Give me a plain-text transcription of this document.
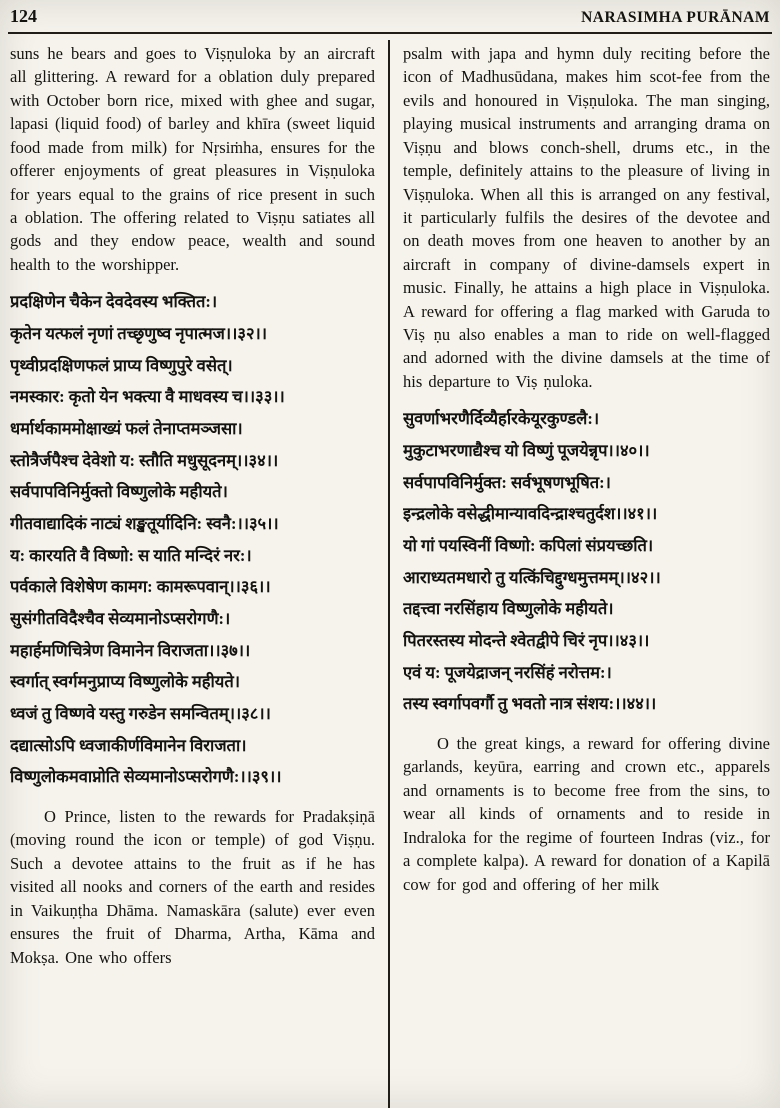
124	NARASIMHA PURĀNAM

suns he bears and goes to Viṣṇuloka by an aircraft all glittering. A reward for a oblation duly prepared with October born rice, mixed with ghee and sugar, lapasi (liquid food) of barley and khīra (sweet liquid food made from milk) for Nṛsiṁha, ensures for the offerer enjoyments of great pleasures in Viṣṇuloka for years equal to the grains of rice present in such a oblation. The offering related to Viṣṇu satiates all gods and they endow peace, wealth and sound health to the worshipper.

प्रदक्षिणेन चैकेन देवदेवस्य भक्तित:।
कृतेन यत्फलं नृणां तच्छृणुष्व नृपात्मज।।३२।।
पृथ्वीप्रदक्षिणफलं प्राप्य विष्णुपुरे वसेत्।
नमस्कार: कृतो येन भक्त्या वै माधवस्य च।।३३।।
धर्मार्थकाममोक्षाख्यं फलं तेनाप्तमञ्जसा।
स्तोत्रैर्जपैश्च देवेशो य: स्तौति मधुसूदनम्।।३४।।
सर्वपापविनिर्मुक्तो विष्णुलोके महीयते।
गीतवाद्यादिकं नाट्यं शङ्खतूर्यादिनि: स्वनै:।।३५।।
य: कारयति वै विष्णो: स याति मन्दिरं नर:।
पर्वकाले विशेषेण कामग: कामरूपवान्।।३६।।
सुसंगीतविदैश्चैव सेव्यमानोऽप्सरोगणै:।
महार्हमणिचित्रेण विमानेन विराजता।।३७।।
स्वर्गात् स्वर्गमनुप्राप्य विष्णुलोके महीयते।
ध्वजं तु विष्णवे यस्तु गरुडेन समन्वितम्।।३८।।
दद्यात्सोऽपि ध्वजाकीर्णविमानेन विराजता।
विष्णुलोकमवाप्नोति सेव्यमानोऽप्सरोगणै:।।३९।।

O Prince, listen to the rewards for Pradakṣiṇā (moving round the icon or temple) of god Viṣṇu. Such a devotee attains to the fruit as if he has visited all nooks and corners of the earth and resides in Vaikuṇṭha Dhāma. Namaskāra (salute) ever even ensures the fruit of Dharma, Artha, Kāma and Mokṣa. One who offers

psalm with japa and hymn duly reciting before the icon of Madhusūdana, makes him scot-fee from the evils and honoured in Viṣṇuloka. The man singing, playing musical instruments and arranging drama on Viṣṇu and blows conch-shell, drums etc., in the temple, definitely attains to the pleasure of living in Viṣṇuloka. When all this is arranged on any festival, it particularly fulfils the desires of the devotee and on death moves from one heaven to another by an aircraft in company of divine-damsels expert in music. Finally, he attains a high place in Viṣṇuloka. A reward for offering a flag marked with Garuda to Viṣ ṇu also enables a man to ride on well-flagged and adorned with the divine damsels at the time of his departure to Viṣ ṇuloka.

सुवर्णाभरणैर्दिव्यैर्हारकेयूरकुण्डलै:।
मुकुटाभरणाद्यैश्च यो विष्णुं पूजयेन्नृप।।४०।।
सर्वपापविनिर्मुक्त: सर्वभूषणभूषित:।
इन्द्रलोके वसेद्धीमान्यावदिन्द्राश्चतुर्दश।।४१।।
यो गां पयस्विनीं विष्णो: कपिलां संप्रयच्छति।
आराध्यतमधारो तु यत्किंचिद्दुग्धमुत्तमम्।।४२।।
तद्दत्त्वा नरसिंहाय विष्णुलोके महीयते।
पितरस्तस्य मोदन्ते श्वेतद्वीपे चिरं नृप।।४३।।
एवं य: पूजयेद्राजन् नरसिंहं नरोत्तम:।
तस्य स्वर्गापवर्गौ तु भवतो नात्र संशय:।।४४।।

O the great kings, a reward for offering divine garlands, keyūra, earring and crown etc., apparels and ornaments is to become free from the sins, to wear all kinds of ornaments and to reside in Indraloka for the regime of fourteen Indras (viz., for a complete kalpa). A reward for donation of a Kapilā cow for god and offering of her milk
